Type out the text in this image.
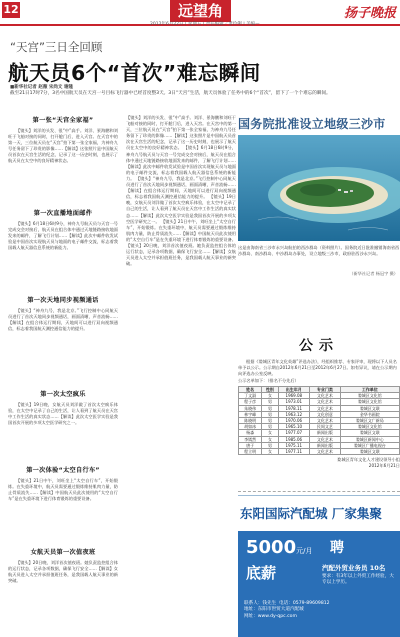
12	远望角
2012年6月22日 | 星期五 | 责任编辑／萧伶俐 | 美编—
扬子晚报
“天宫”三日全回顾
航天员6个“首次”难忘瞬间
■新华社记者 赵薇 宋尚文 谢隆
截至21日17时7分，3名中国航天员在天宫一号目标飞行器中已经首度整3天。3日“天宫”生活，航天员体验了任务中的6个“首次”，留下了一个个难忘的瞬间。
第一张“天宫全家福”
【镜头】刘洋的头发、很“中”高手。刘洋、景海鹏和刘旺于飞船对接的同时，打开舱门后，进入天宫。在天宫中的第一天，三位航天员在“天宫”拍下第一张全家福，为神舟九号任务留下了珍贵的影像……【解读】这张照片是中国航天员首次在天宫生活的纪念，记录了这一历史时刻，也展示了航天员在太空中的良好精神状态。
第一次直播地面邮件
【镜头】6月18日6时9分，神舟九号航天员与天宫一号完成交会对接后，航天员在组合体中通过天地链路接收地面发来的邮件，了解飞行计划……【解读】此次中邮件收发试验是中国首次实现航天员与地面的电子邮件交流，标志着我国载人航天器信息系统的新能力。
第一次天地同步视频通话
【镜头】“神舟九号，我是北京。”飞行控制中心同航天员进行了首次天地同步视频通话，画面清晰，声音流畅……【解读】在组合体运行期间，天地间可以进行双向视频通信，标志着我国航天测控通信能力的提升。
第一次太空疯乐
【镜头】19日晚，女航天员刘洋做了首次太空疯乐体验，在太空中记录了自己的生活，让人看到了航天员在天宫中工作生活的真实状态……【解读】此次太空医学实验是我国首次开展的多项太空医学研究之一。
第一次体验“太空自行车”
【镜头】21日中午，刘旺坐上“太空自行车”，开始锻炼。在失重环境中，航天员需要通过锻炼维持肌肉力量，防止骨质流失……【解读】中国航天员此次使用的“太空自行车”是在失重环境下进行体育锻炼的重要设备。
女航天员第一次值夜班
【镜头】20日晚，刘洋首次值夜班。她负责监控组合体的运行状态，记录各项数据，确保飞行安全……【解读】女航天员进入太空并承担值班任务，是我国载人航天事业的新突破。
【镜头】刘洋的头发、很“中”高手。刘洋、景海鹏和刘旺于飞船对接的同时，打开舱门后，进入天宫。在天宫中的第一天，三位航天员在“天宫”拍下第一张全家福，为神舟九号任务留下了珍贵的影像……【解读】这张照片是中国航天员首次在天宫生活的纪念，记录了这一历史时刻，也展示了航天员在太空中的良好精神状态。 【镜头】6月18日6时9分，神舟九号航天员与天宫一号完成交会对接后，航天员在组合体中通过天地链路接收地面发来的邮件，了解飞行计划……【解读】此次中邮件收发试验是中国首次实现航天员与地面的电子邮件交流，标志着我国载人航天器信息系统的新能力。 【镜头】“神舟九号，我是北京。”飞行控制中心同航天员进行了首次天地同步视频通话，画面清晰，声音流畅……【解读】在组合体运行期间，天地间可以进行双向视频通信，标志着我国航天测控通信能力的提升。 【镜头】19日晚，女航天员刘洋做了首次太空疯乐体验，在太空中记录了自己的生活，让人看到了航天员在天宫中工作生活的真实状态……【解读】此次太空医学实验是我国首次开展的多项太空医学研究之一。 【镜头】21日中午，刘旺坐上“太空自行车”，开始锻炼。在失重环境中，航天员需要通过锻炼维持肌肉力量，防止骨质流失……【解读】中国航天员此次使用的“太空自行车”是在失重环境下进行体育锻炼的重要设备。 【镜头】20日晚，刘洋首次值夜班。她负责监控组合体的运行状态，记录各项数据，确保飞行安全……【解读】女航天员进入太空并承担值班任务，是我国载人航天事业的新突破。
国务院批准设立地级三沙市
这是由海南省三沙市永兴岛航拍的西沙群岛（资料照片）。国务院近日批准撤销海南省西沙群岛、南沙群岛、中沙群岛办事处，设立地级三沙市，政府驻西沙永兴岛。
（新华社记者 杨冠宇 摄）
公示
根据《婺城区青年文化英雄”评选办法》，经组织推荐、专家评审，现将以下人员名单予以公示。公示期自2012年6月21日至2012年6月27日。如有异议，请在公示期内向评选办公室反映。
公示名单如下：（排名不分先后）
姓名	性别	出生年月	专业门类	工作单位
丁文淑	女	1969.08	文化艺术	婺城区文化馆
程子彦	男	1973.01	文化艺术	婺城区文化馆
朱晓伟	男	1978.11	文化艺术	婺城区文联
林宇峰	男	1963.12	文化创意	金华书画院
陈晓明	男	1970.06	文化艺术	婺城区文广新局
胡如冰	男	1965.10	民间文艺	婺城区文化馆
杨淼	女	1977.07	新闻出版	婺城区文联
李嫣然	女	1985.06	文化艺术	婺城区新闻中心
唐于	男	1975.11	新闻出版	婺城区广播电视台
程立明	女	1977.11	文化艺术	婺城区文联
婺城区青年文化人才建设领导小组
2012年6月21日
东阳国际汽配城 厂家集聚
5000元/月 聘
底薪	汽配外贸业务员 10名
要求：有3年以上外贸工作经验，大专以上学历。
联系人：钱先生 电话：0579-89609812
地址：东阳市世贸大道汽配城
网址：www.dy-qpc.com
